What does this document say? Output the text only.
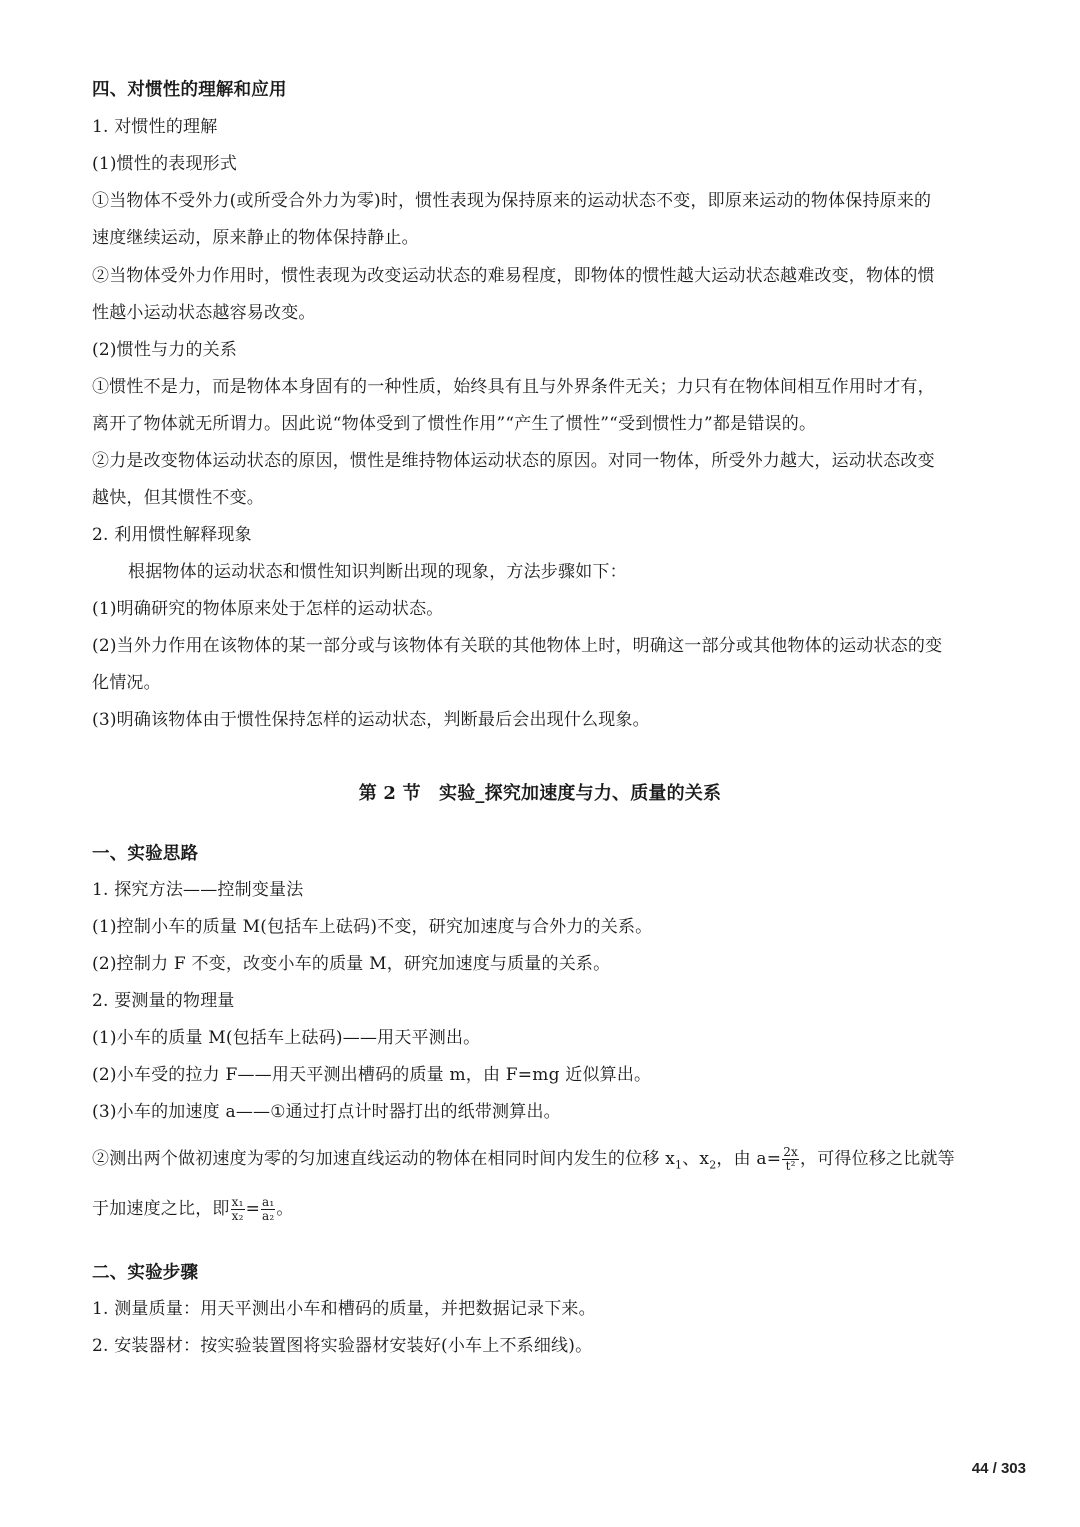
四、对惯性的理解和应用
1. 对惯性的理解
(1)惯性的表现形式
①当物体不受外力(或所受合外力为零)时，惯性表现为保持原来的运动状态不变，即原来运动的物体保持原来的
速度继续运动，原来静止的物体保持静止。
②当物体受外力作用时，惯性表现为改变运动状态的难易程度，即物体的惯性越大运动状态越难改变，物体的惯
性越小运动状态越容易改变。
(2)惯性与力的关系
①惯性不是力，而是物体本身固有的一种性质，始终具有且与外界条件无关；力只有在物体间相互作用时才有，
离开了物体就无所谓力。因此说“物体受到了惯性作用”“产生了惯性”“受到惯性力”都是错误的。
②力是改变物体运动状态的原因，惯性是维持物体运动状态的原因。对同一物体，所受外力越大，运动状态改变
越快，但其惯性不变。
2. 利用惯性解释现象
根据物体的运动状态和惯性知识判断出现的现象，方法步骤如下：
(1)明确研究的物体原来处于怎样的运动状态。
(2)当外力作用在该物体的某一部分或与该物体有关联的其他物体上时，明确这一部分或其他物体的运动状态的变
化情况。
(3)明确该物体由于惯性保持怎样的运动状态，判断最后会出现什么现象。
第 2 节　实验_探究加速度与力、质量的关系
一、实验思路
1. 探究方法——控制变量法
(1)控制小车的质量 M(包括车上砝码)不变，研究加速度与合外力的关系。
(2)控制力 F 不变，改变小车的质量 M，研究加速度与质量的关系。
2. 要测量的物理量
(1)小车的质量 M(包括车上砝码)——用天平测出。
(2)小车受的拉力 F——用天平测出槽码的质量 m，由 F=mg 近似算出。
(3)小车的加速度 a——①通过打点计时器打出的纸带测算出。
②测出两个做初速度为零的匀加速直线运动的物体在相同时间内发生的位移 $x_1$、$x_2$，由 $a= \frac{2x}{\text{t²}}$ ，可得位移之比就等
于加速度之比，即 $\frac{\text{x₁}}{\text{x₂}} = \frac{\text{a₁}}{\text{a₂}}$ 。
二、实验步骤
1. 测量质量：用天平测出小车和槽码的质量，并把数据记录下来。
2. 安装器材：按实验装置图将实验器材安装好(小车上不系细线)。
44 / 303
